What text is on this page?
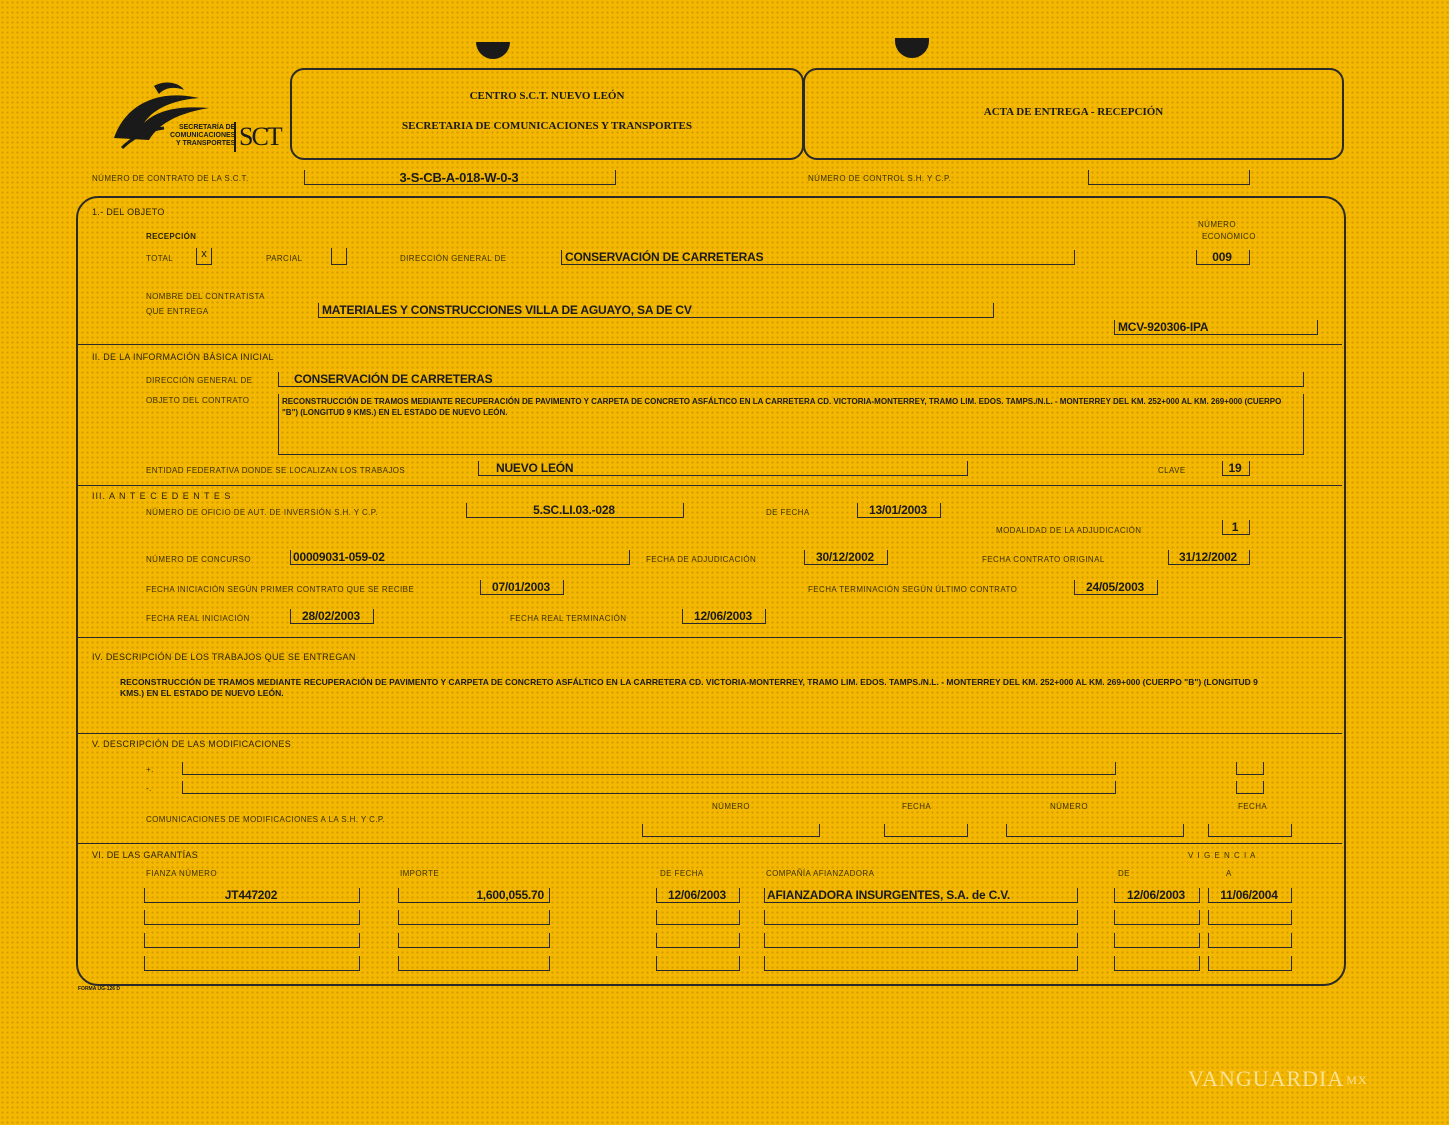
SECRETARÍA DE
COMUNICACIONES
Y TRANSPORTES SCT
CENTRO S.C.T. NUEVO LEÓN
SECRETARIA DE COMUNICACIONES Y TRANSPORTES
ACTA DE ENTREGA - RECEPCIÓN
NÚMERO DE CONTRATO DE LA S.C.T.	3-S-CB-A-018-W-0-3	NÚMERO DE CONTROL S.H. Y C.P.
1.- DEL OBJETO
RECEPCIÓN
TOTAL	x	PARCIAL	DIRECCIÓN GENERAL DE	CONSERVACIÓN DE CARRETERAS
NÚMERO
ECONÓMICO
009
NOMBRE DEL CONTRATISTA
QUE ENTREGA	MATERIALES Y CONSTRUCCIONES VILLA DE AGUAYO, SA DE CV
MCV-920306-IPA
II. DE LA INFORMACIÓN BÁSICA INICIAL
DIRECCIÓN GENERAL DE	CONSERVACIÓN DE CARRETERAS
OBJETO DEL CONTRATO	RECONSTRUCCIÓN DE TRAMOS MEDIANTE RECUPERACIÓN DE PAVIMENTO Y CARPETA DE CONCRETO ASFÁLTICO EN LA CARRETERA CD. VICTORIA-MONTERREY, TRAMO LIM. EDOS. TAMPS./N.L. - MONTERREY DEL KM. 252+000 AL KM. 269+000 (CUERPO "B") (LONGITUD 9 KMS.) EN EL ESTADO DE NUEVO LEÓN.
ENTIDAD FEDERATIVA DONDE SE LOCALIZAN LOS TRABAJOS	NUEVO LEÓN	CLAVE	19
III. A N T E C E D E N T E S
NÚMERO DE OFICIO DE AUT. DE INVERSIÓN S.H. Y C.P.	5.SC.LI.03.-028	DE FECHA	13/01/2003
MODALIDAD DE LA ADJUDICACIÓN	1
NÚMERO DE CONCURSO	00009031-059-02	FECHA DE ADJUDICACIÓN	30/12/2002	FECHA CONTRATO ORIGINAL	31/12/2002
FECHA INICIACIÓN SEGÚN PRIMER CONTRATO QUE SE RECIBE	07/01/2003	FECHA TERMINACIÓN SEGÚN ÚLTIMO CONTRATO	24/05/2003
FECHA REAL INICIACIÓN	28/02/2003	FECHA REAL TERMINACIÓN	12/06/2003
IV. DESCRIPCIÓN DE LOS TRABAJOS QUE SE ENTREGAN
RECONSTRUCCIÓN DE TRAMOS MEDIANTE RECUPERACIÓN DE PAVIMENTO Y CARPETA DE CONCRETO ASFÁLTICO EN LA CARRETERA CD. VICTORIA-MONTERREY, TRAMO LIM. EDOS. TAMPS./N.L. - MONTERREY DEL KM. 252+000 AL KM. 269+000 (CUERPO "B") (LONGITUD 9 KMS.) EN EL ESTADO DE NUEVO LEÓN.
V. DESCRIPCIÓN DE LAS MODIFICACIONES
+.
-.
NÚMERO	FECHA	NÚMERO	FECHA
COMUNICACIONES DE MODIFICACIONES A LA S.H. Y C.P.
VI. DE LAS GARANTÍAS	V I G E N C I A
FIANZA NÚMERO	IMPORTE	DE FECHA	COMPAÑÍA AFIANZADORA	DE	A
JT447202	1,600,055.70	12/06/2003	AFIANZADORA INSURGENTES, S.A. de C.V.	12/06/2003	11/06/2004
FORMA UG-126 D
VANGUARDIA MX
